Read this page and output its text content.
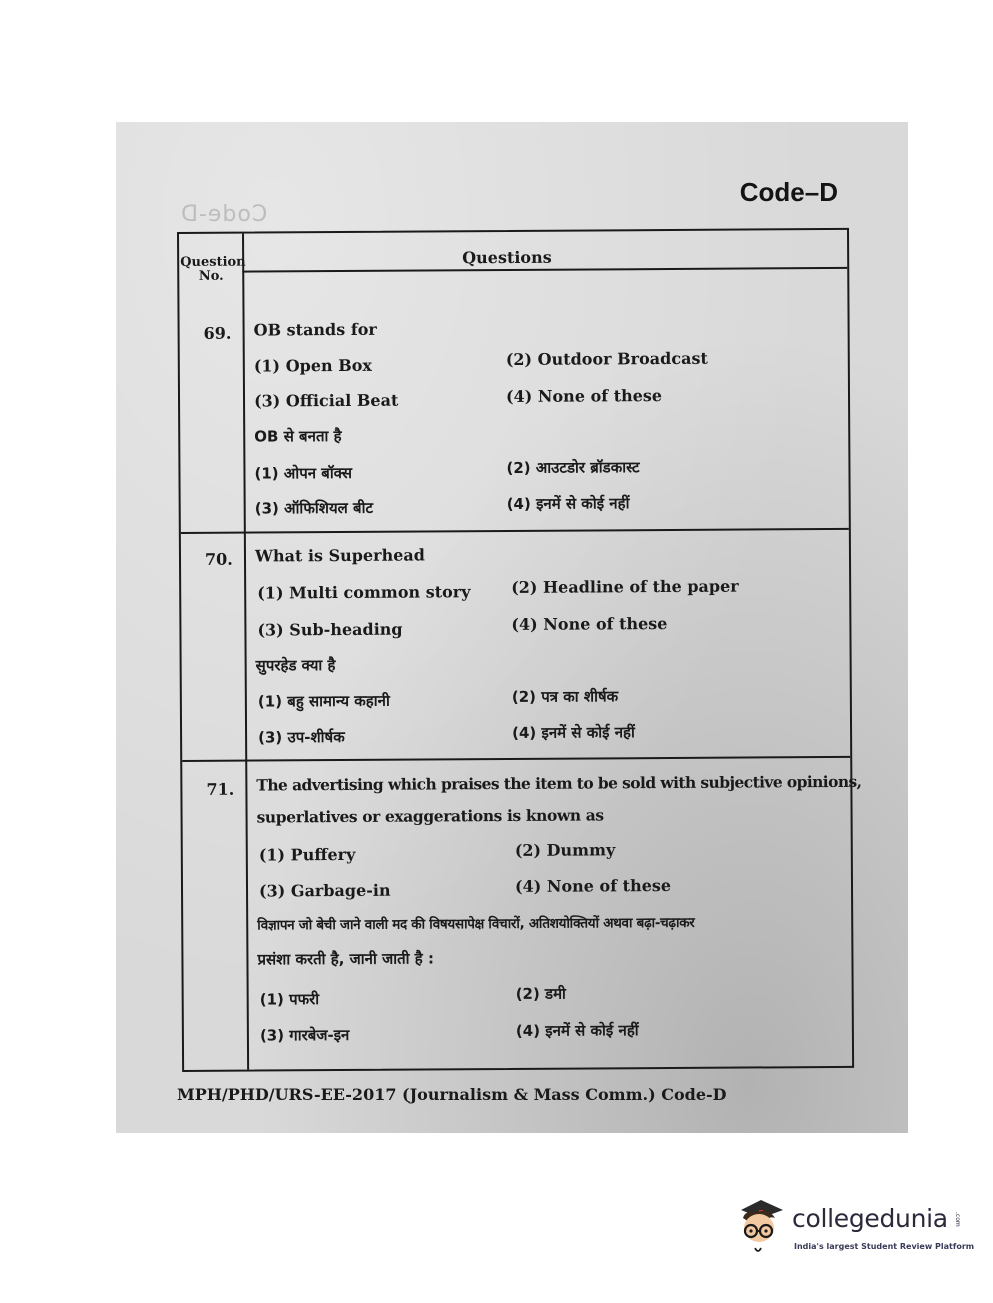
Code-D
Code–D
Question No.
Questions
69. OB stands for
(1) Open Box	(2) Outdoor Broadcast
(3) Official Beat	(4) None of these
OB से बनता है
(1) ओपन बॉक्स	(2) आउटडोर ब्रॉडकास्ट
(3) ऑफिशियल बीट	(4) इनमें से कोई नहीं
70. What is Superhead
(1) Multi common story	(2) Headline of the paper
(3) Sub-heading	(4) None of these
सुपरहेड क्या है
(1) बहु सामान्य कहानी	(2) पत्र का शीर्षक
(3) उप-शीर्षक	(4) इनमें से कोई नहीं
71. The advertising which praises the item to be sold with subjective opinions,
superlatives or exaggerations is known as
(1) Puffery	(2) Dummy
(3) Garbage-in	(4) None of these
विज्ञापन जो बेची जाने वाली मद की विषयसापेक्ष विचारों, अतिशयोक्तियों अथवा बढ़ा-चढ़ाकर
प्रसंशा करती है, जानी जाती है :
(1) पफरी	(2) डमी
(3) गारबेज-इन	(4) इनमें से कोई नहीं
MPH/PHD/URS-EE-2017 (Journalism & Mass Comm.) Code-D
collegedunia .com
India's largest Student Review Platform
